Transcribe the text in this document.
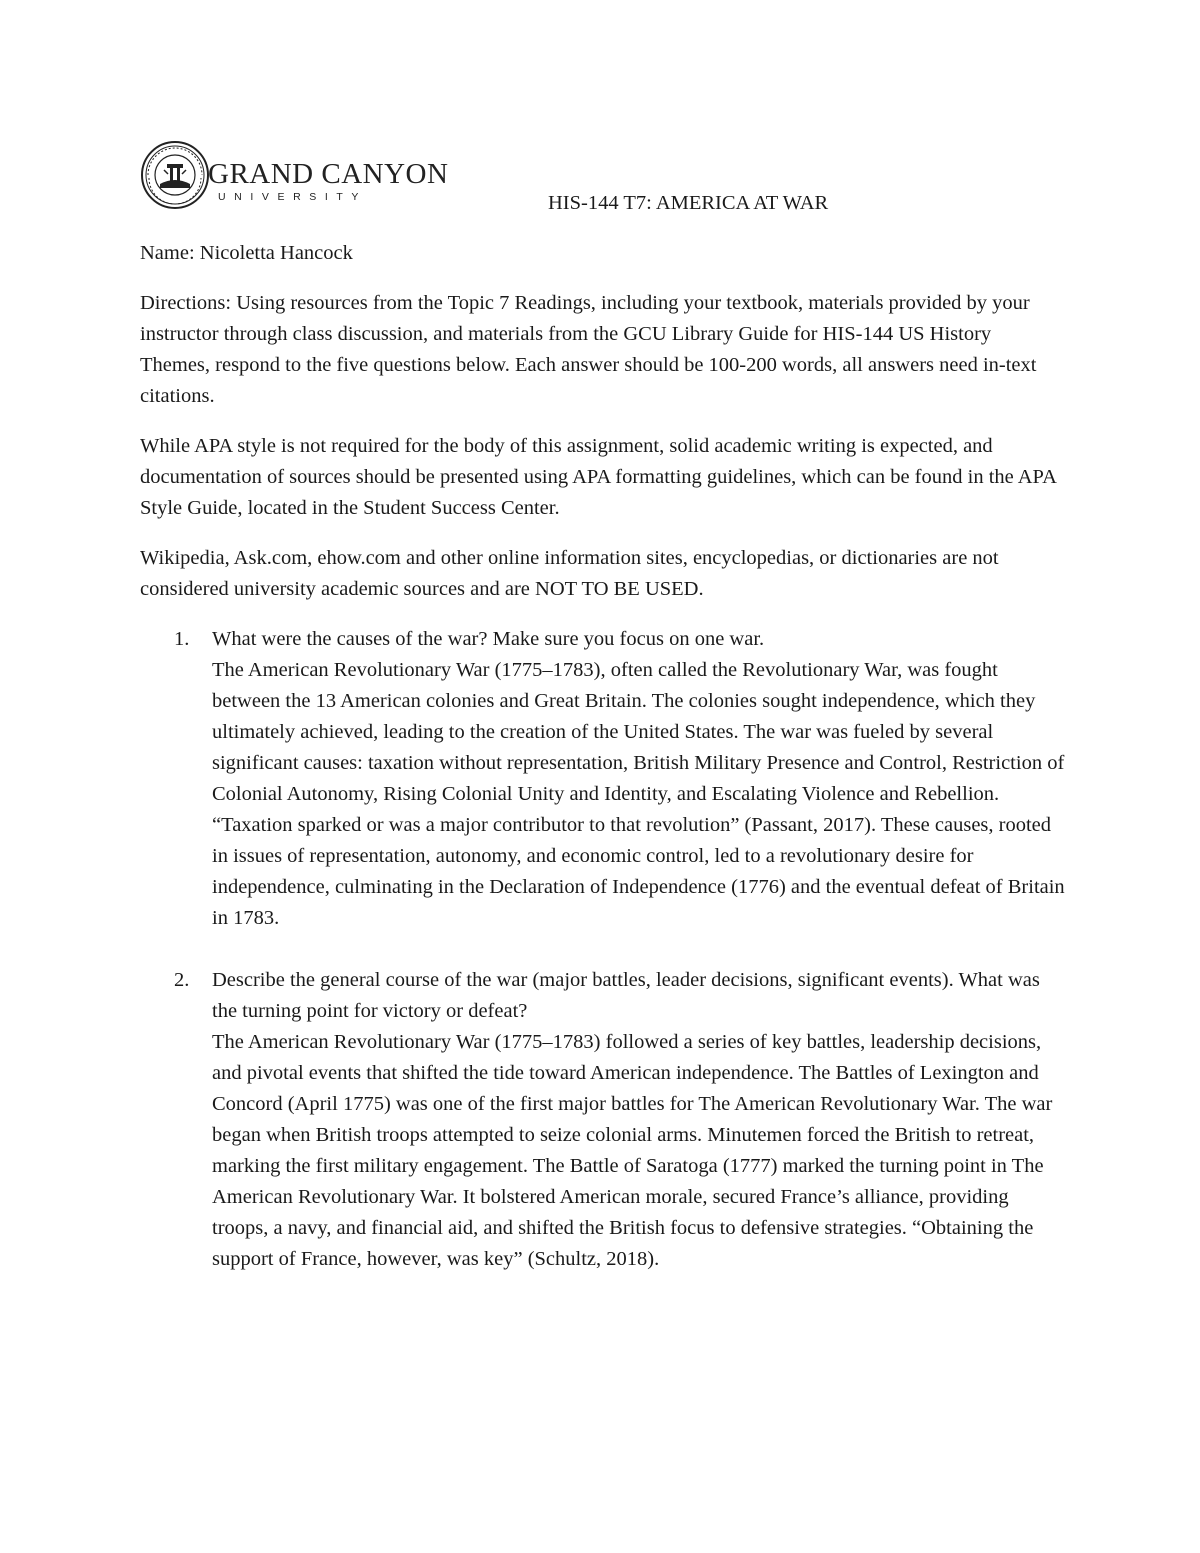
GRAND CANYON
UNIVERSITY	HIS-144 T7: AMERICA AT WAR

Name: Nicoletta Hancock

Directions: Using resources from the Topic 7 Readings, including your textbook, materials provided by your instructor through class discussion, and materials from the GCU Library Guide for HIS-144 US History Themes, respond to the five questions below. Each answer should be 100-200 words, all answers need in-text citations.

While APA style is not required for the body of this assignment, solid academic writing is expected, and documentation of sources should be presented using APA formatting guidelines, which can be found in the APA Style Guide, located in the Student Success Center.

Wikipedia, Ask.com, ehow.com and other online information sites, encyclopedias, or dictionaries are not considered university academic sources and are NOT TO BE USED.

1. What were the causes of the war? Make sure you focus on one war.

The American Revolutionary War (1775–1783), often called the Revolutionary War, was fought between the 13 American colonies and Great Britain. The colonies sought independence, which they ultimately achieved, leading to the creation of the United States. The war was fueled by several significant causes: taxation without representation, British Military Presence and Control, Restriction of Colonial Autonomy, Rising Colonial Unity and Identity, and Escalating Violence and Rebellion. “Taxation sparked or was a major contributor to that revolution” (Passant, 2017). These causes, rooted in issues of representation, autonomy, and economic control, led to a revolutionary desire for independence, culminating in the Declaration of Independence (1776) and the eventual defeat of Britain in 1783.

2. Describe the general course of the war (major battles, leader decisions, significant events). What was the turning point for victory or defeat?

The American Revolutionary War (1775–1783) followed a series of key battles, leadership decisions, and pivotal events that shifted the tide toward American independence. The Battles of Lexington and Concord (April 1775) was one of the first major battles for The American Revolutionary War. The war began when British troops attempted to seize colonial arms. Minutemen forced the British to retreat, marking the first military engagement. The Battle of Saratoga (1777) marked the turning point in The American Revolutionary War. It bolstered American morale, secured France’s alliance, providing troops, a navy, and financial aid, and shifted the British focus to defensive strategies. “Obtaining the support of France, however, was key” (Schultz, 2018).
